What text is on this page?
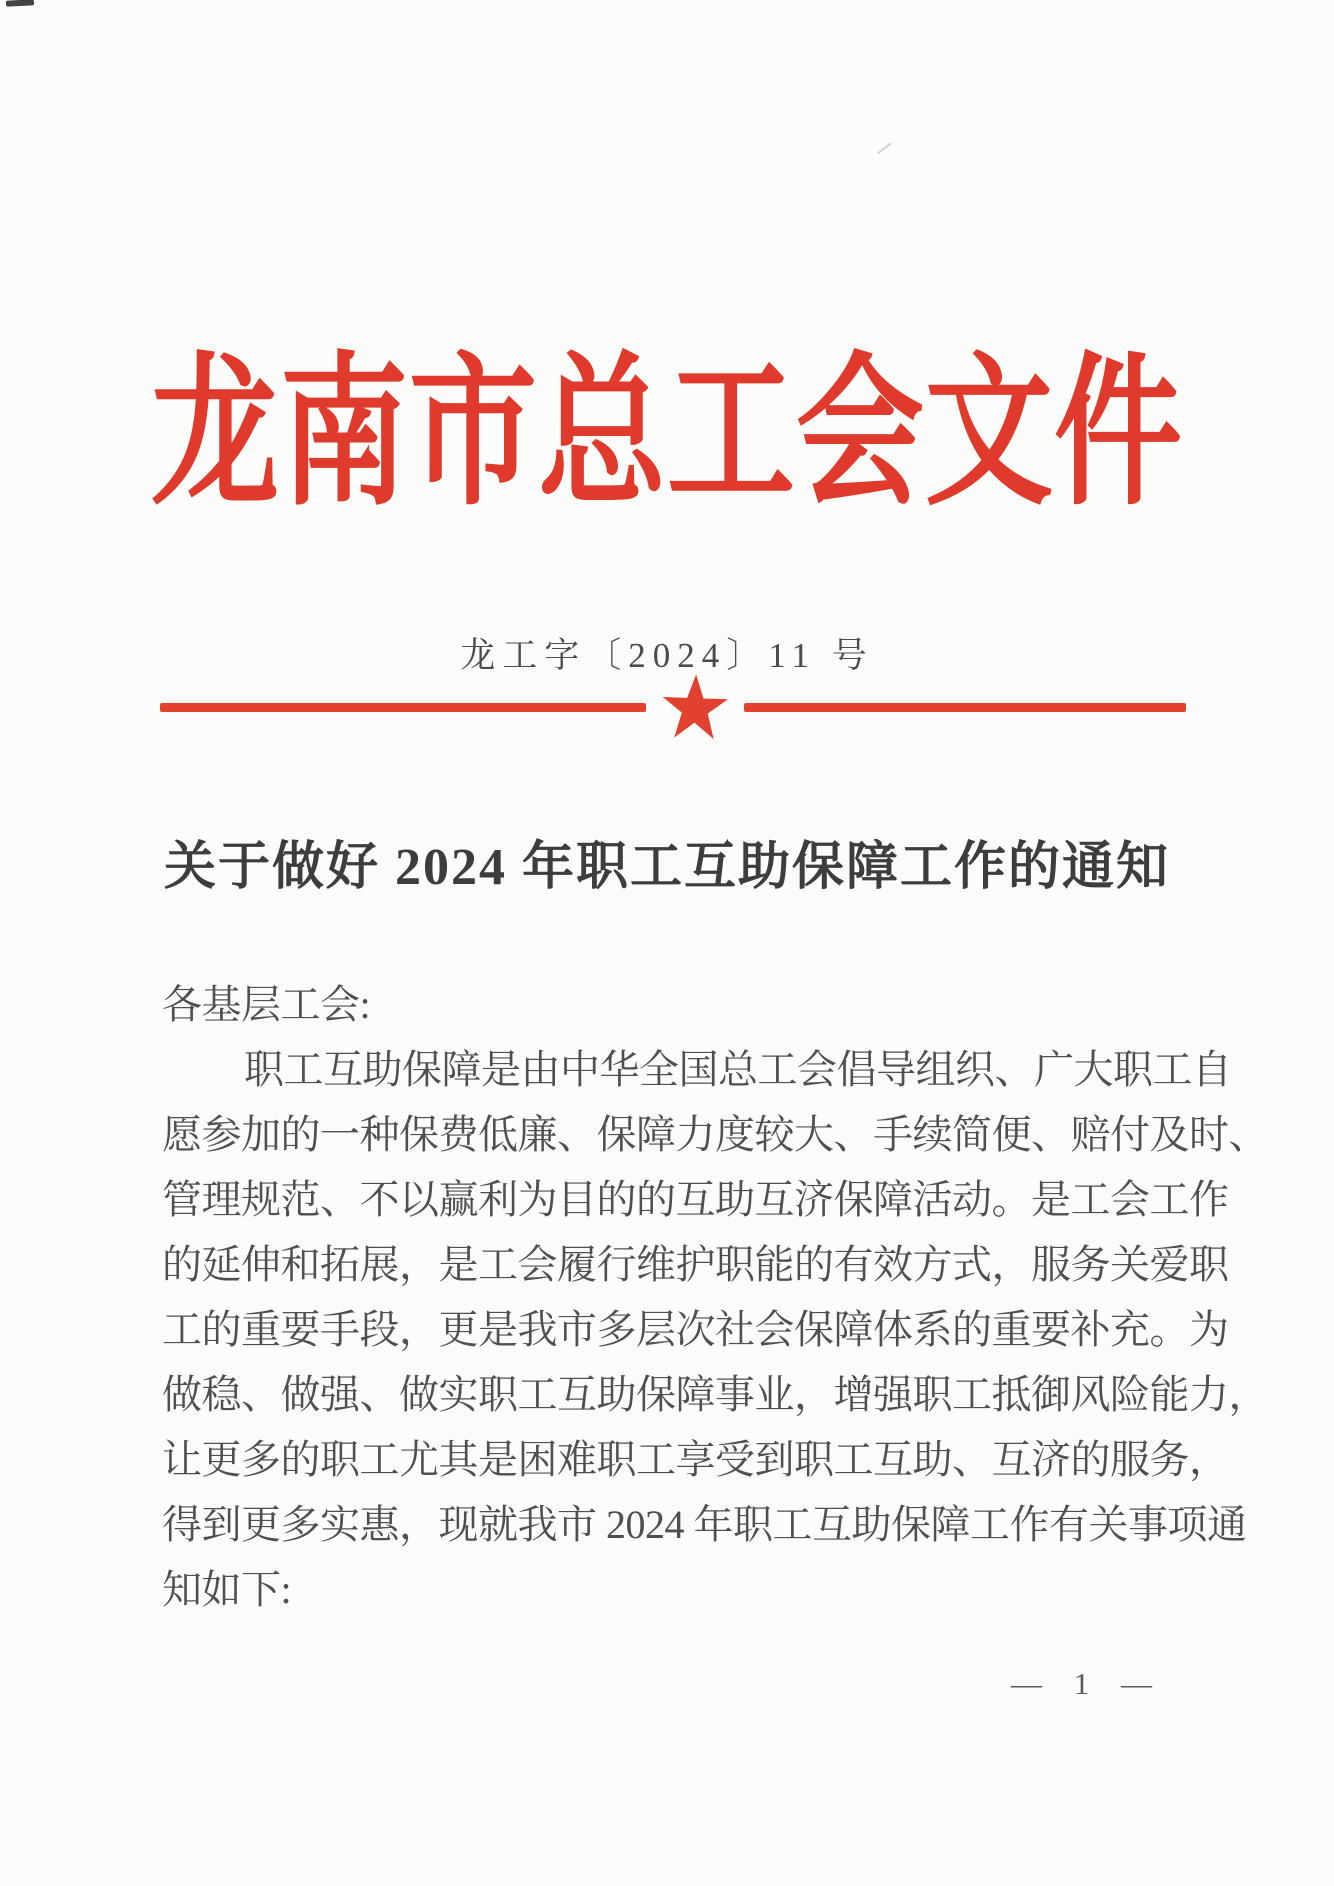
龙南市总工会文件
龙工字〔2024〕11 号
关于做好 2024 年职工互助保障工作的通知
各基层工会:
职工互助保障是由中华全国总工会倡导组织、广大职工自
愿参加的一种保费低廉、保障力度较大、手续简便、赔付及时、
管理规范、不以赢利为目的的互助互济保障活动。是工会工作
的延伸和拓展，是工会履行维护职能的有效方式，服务关爱职
工的重要手段，更是我市多层次社会保障体系的重要补充。为
做稳、做强、做实职工互助保障事业，增强职工抵御风险能力，
让更多的职工尤其是困难职工享受到职工互助、互济的服务，
得到更多实惠，现就我市 2024 年职工互助保障工作有关事项通
知如下:
— 1 —
